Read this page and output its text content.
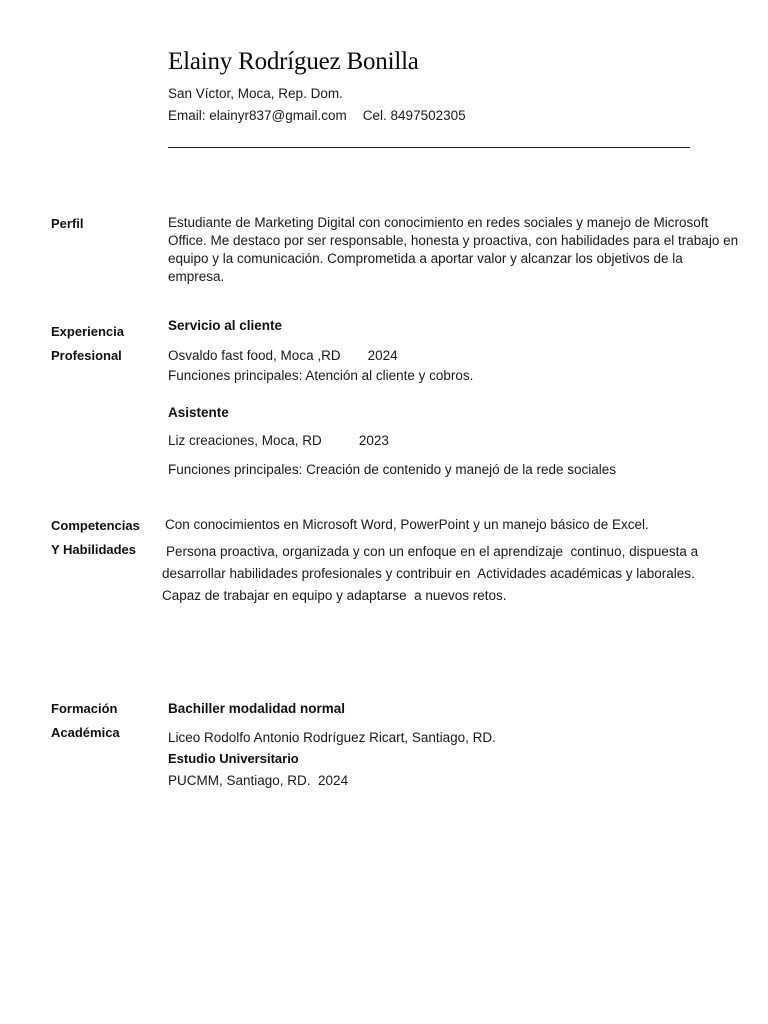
Elainy Rodríguez Bonilla
San Víctor, Moca, Rep. Dom.
Email: elainyr837@gmail.com Cel. 8497502305
Perfil	Estudiante de Marketing Digital con conocimiento en redes sociales y manejo de Microsoft Office. Me destaco por ser responsable, honesta y proactiva, con habilidades para el trabajo en equipo y la comunicación. Comprometida a aportar valor y alcanzar los objetivos de la empresa.
Experiencia
Profesional
Servicio al cliente
Osvaldo fast food, Moca ,RD 2024
Funciones principales: Atención al cliente y cobros.
Asistente
Liz creaciones, Moca, RD	2023
Funciones principales: Creación de contenido y manejó de la rede sociales
Competencias
Y Habilidades
Con conocimientos en Microsoft Word, PowerPoint y un manejo básico de Excel.
Persona proactiva, organizada y con un enfoque en el aprendizaje  continuo, dispuesta a desarrollar habilidades profesionales y contribuir en  Actividades académicas y laborales. Capaz de trabajar en equipo y adaptarse  a nuevos retos.
Formación
Académica
Bachiller modalidad normal
Liceo Rodolfo Antonio Rodríguez Ricart, Santiago, RD.
Estudio Universitario
PUCMM, Santiago, RD.  2024
